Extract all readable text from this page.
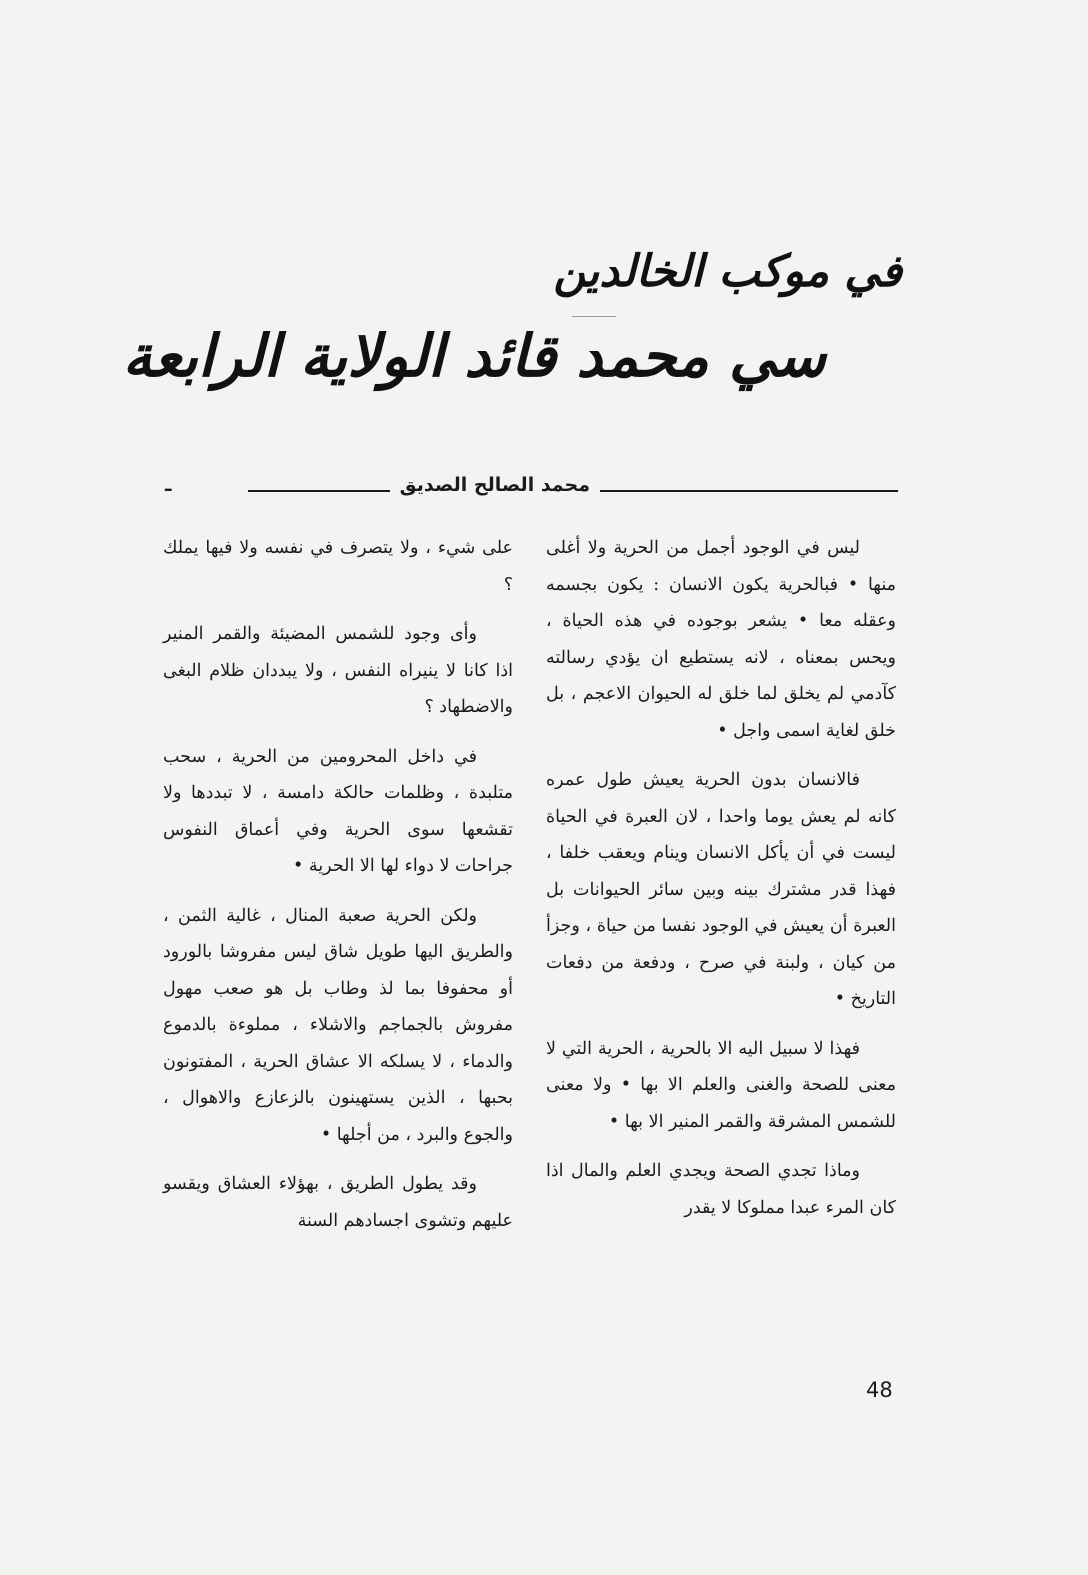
في موكب الخالدين
سي محمد قائد الولاية الرابعة
محمد الصالح الصديق
ـ

ليس في الوجود أجمل من الحرية ولا أغلى منها • فبالحرية يكون الانسان : يكون بجسمه وعقله معا • يشعر بوجوده في هذه الحياة ، ويحس بمعناه ، لانه يستطيع ان يؤدي رسالته كآدمي لم يخلق لما خلق له الحيوان الاعجم ، بل خلق لغاية اسمى واجل •

فالانسان بدون الحرية يعيش طول عمره كانه لم يعش يوما واحدا ، لان العبرة في الحياة ليست في أن يأكل الانسان وينام ويعقب خلفا ، فهذا قدر مشترك بينه وبين سائر الحيوانات بل العبرة أن يعيش في الوجود نفسا من حياة ، وجزأ من كيان ، ولبنة في صرح ، ودفعة من دفعات التاريخ •

فهذا لا سبيل اليه الا بالحرية ، الحرية التي لا معنى للصحة والغنى والعلم الا بها • ولا معنى للشمس المشرقة والقمر المنير الا بها •

وماذا تجدي الصحة ويجدي العلم والمال اذا كان المرء عبدا مملوكا لا يقدر

على شيء ، ولا يتصرف في نفسه ولا فيها يملك ؟

وأى وجود للشمس المضيئة والقمر المنير اذا كانا لا ينيراه النفس ، ولا يبددان ظلام البغى والاضطهاد ؟

في داخل المحرومين من الحرية ، سحب متلبدة ، وظلمات حالكة دامسة ، لا تبددها ولا تقشعها سوى الحرية وفي أعماق النفوس جراحات لا دواء لها الا الحرية •

ولكن الحرية صعبة المنال ، غالية الثمن ، والطريق اليها طويل شاق ليس مفروشا بالورود أو محفوفا بما لذ وطاب بل هو صعب مهول مفروش بالجماجم والاشلاء ، مملوءة بالدموع والدماء ، لا يسلكه الا عشاق الحرية ، المفتونون بحبها ، الذين يستهينون بالزعازع والاهوال ، والجوع والبرد ، من أجلها •

وقد يطول الطريق ، بهؤلاء العشاق ويقسو عليهم وتشوى اجسادهم السنة

48
